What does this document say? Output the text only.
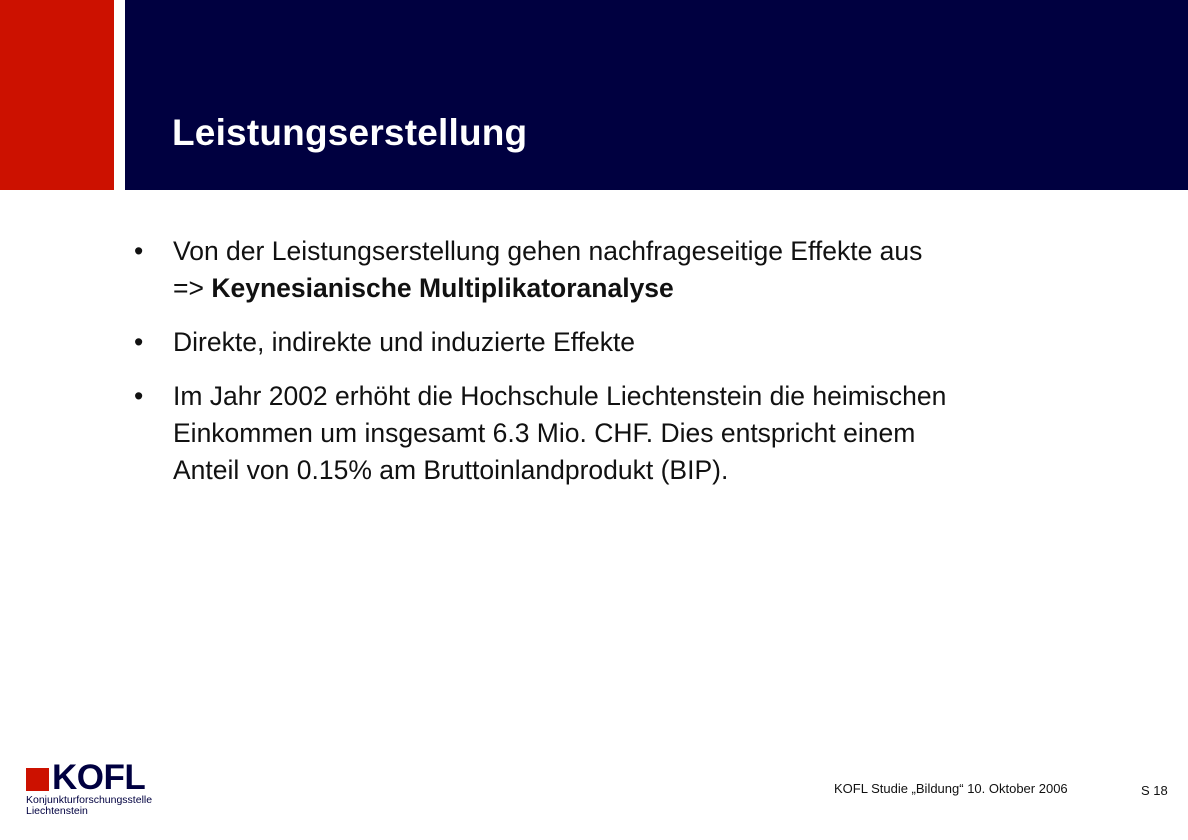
Leistungserstellung
• Von der Leistungserstellung gehen nachfrageseitige Effekte aus
=> Keynesianische Multiplikatoranalyse
• Direkte, indirekte und induzierte Effekte
• Im Jahr 2002 erhöht die Hochschule Liechtenstein die heimischen
Einkommen um insgesamt 6.3 Mio. CHF. Dies entspricht einem
Anteil von 0.15% am Bruttoinlandprodukt (BIP).
KOFL
Konjunkturforschungsstelle
Liechtenstein
KOFL Studie „Bildung“ 10. Oktober 2006	S 18
